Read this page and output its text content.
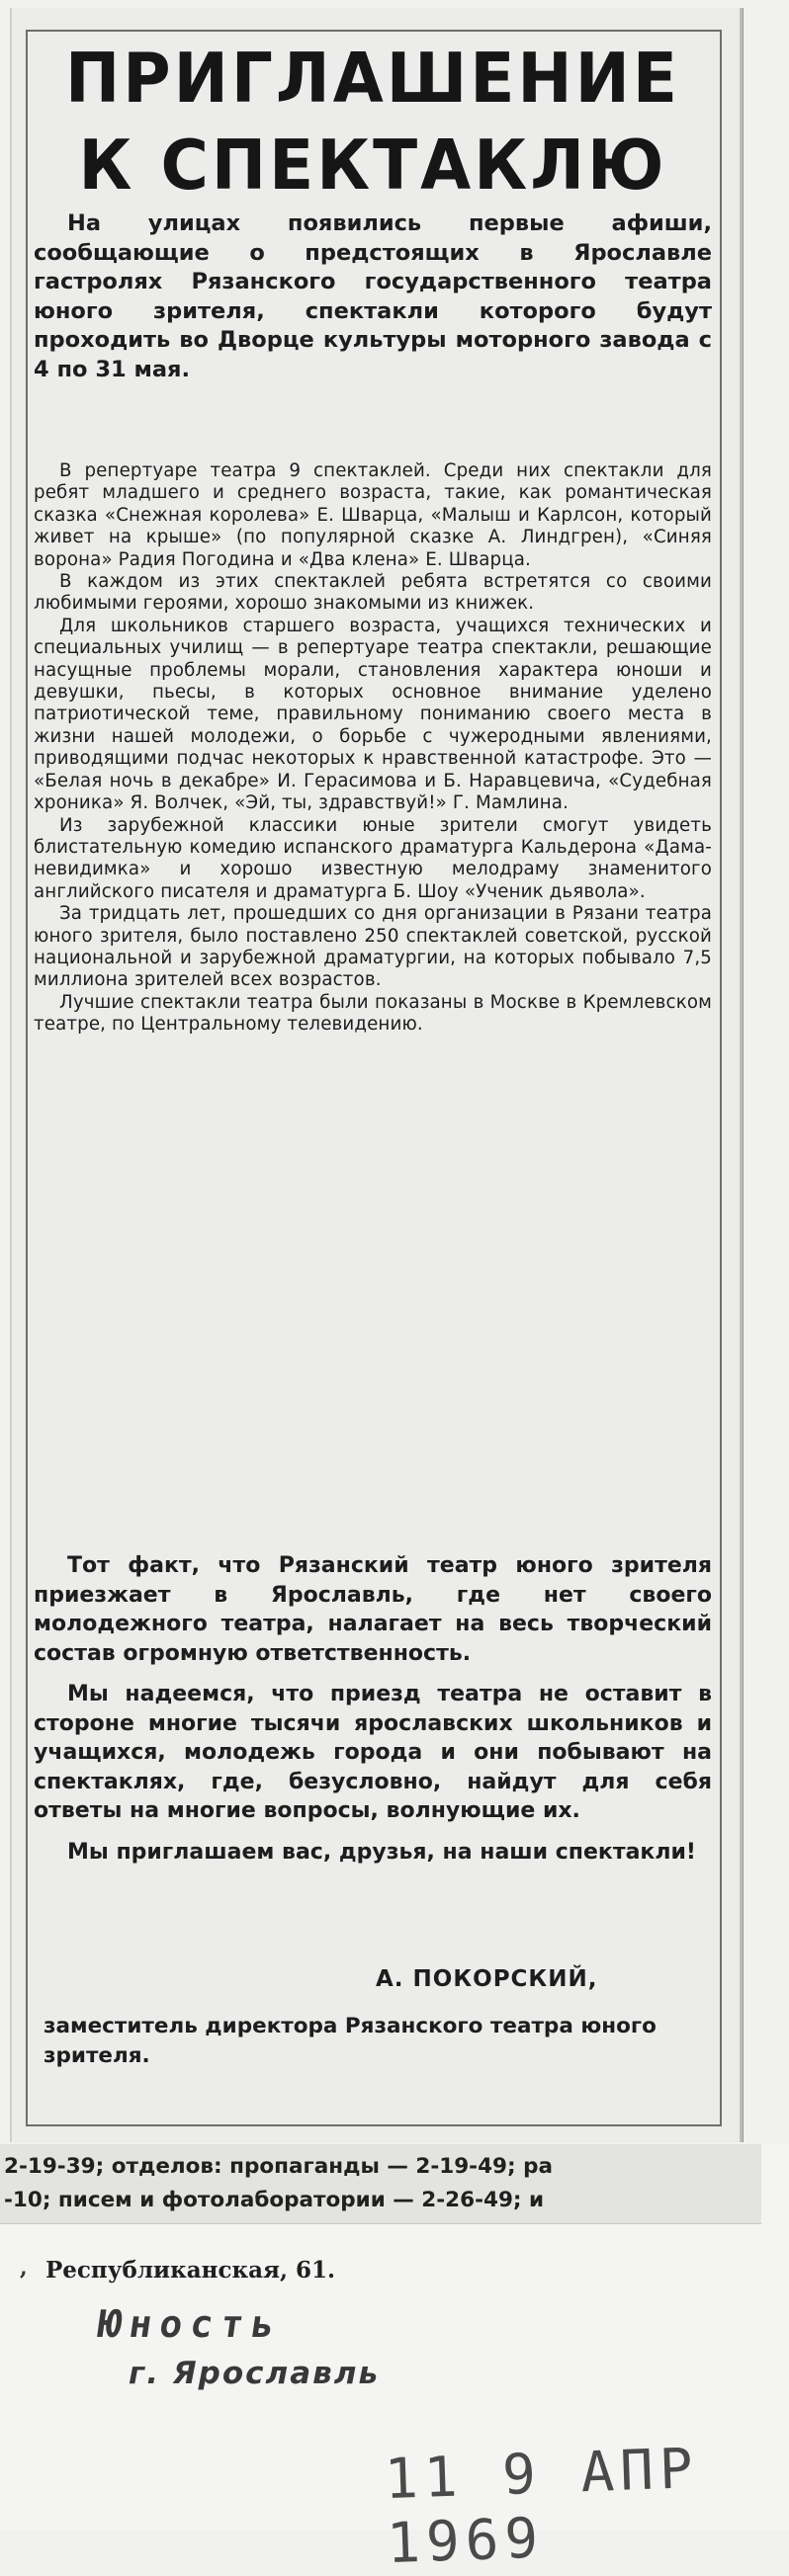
ПРИГЛАШЕНИЕ
К СПЕКТАКЛЮ

На улицах появились первые афиши, сообщающие о предстоящих в Ярославле гастролях Рязанского государственного театра юного зрителя, спектакли которого будут проходить во Дворце культуры моторного завода с 4 по 31 мая.

В репертуаре театра 9 спектаклей. Среди них спектакли для ребят младшего и среднего возраста, такие, как романтическая сказка «Снежная королева» Е. Шварца, «Малыш и Карлсон, который живет на крыше» (по популярной сказке А. Линдгрен), «Синяя ворона» Радия Погодина и «Два клена» Е. Шварца.

В каждом из этих спектаклей ребята встретятся со своими любимыми героями, хорошо знакомыми из книжек.

Для школьников старшего возраста, учащихся технических и специальных училищ — в репертуаре театра спектакли, решающие насущные проблемы морали, становления характера юноши и девушки, пьесы, в которых основное внимание уделено патриотической теме, правильному пониманию своего места в жизни нашей молодежи, о борьбе с чужеродными явлениями, приводящими подчас некоторых к нравственной катастрофе. Это — «Белая ночь в декабре» И. Герасимова и Б. Наравцевича, «Судебная хроника» Я. Волчек, «Эй, ты, здравствуй!» Г. Мамлина.

Из зарубежной классики юные зрители смогут увидеть блистательную комедию испанского драматурга Кальдерона «Дама-невидимка» и хорошо известную мелодраму знаменитого английского писателя и драматурга Б. Шоу «Ученик дьявола».

За тридцать лет, прошедших со дня организации в Рязани театра юного зрителя, было поставлено 250 спектаклей советской, русской национальной и зарубежной драматургии, на которых побывало 7,5 миллиона зрителей всех возрастов.

Лучшие спектакли театра были показаны в Москве в Кремлевском театре, по Центральному телевидению.

Тот факт, что Рязанский театр юного зрителя приезжает в Ярославль, где нет своего молодежного театра, налагает на весь творческий состав огромную ответственность.

Мы надеемся, что приезд театра не оставит в стороне многие тысячи ярославских школьников и учащихся, молодежь города и они побывают на спектаклях, где, безусловно, найдут для себя ответы на многие вопросы, волнующие их.

Мы приглашаем вас, друзья, на наши спектакли!

А. ПОКОРСКИЙ,
заместитель директора Рязанского театра юного зрителя.
2-19-39; отделов: пропаганды — 2-19-49; ра
-10; писем и фотолаборатории — 2-26-49; и
, Республиканская, 61.
Юность
г. Ярославль
11 9 АПР 1969
